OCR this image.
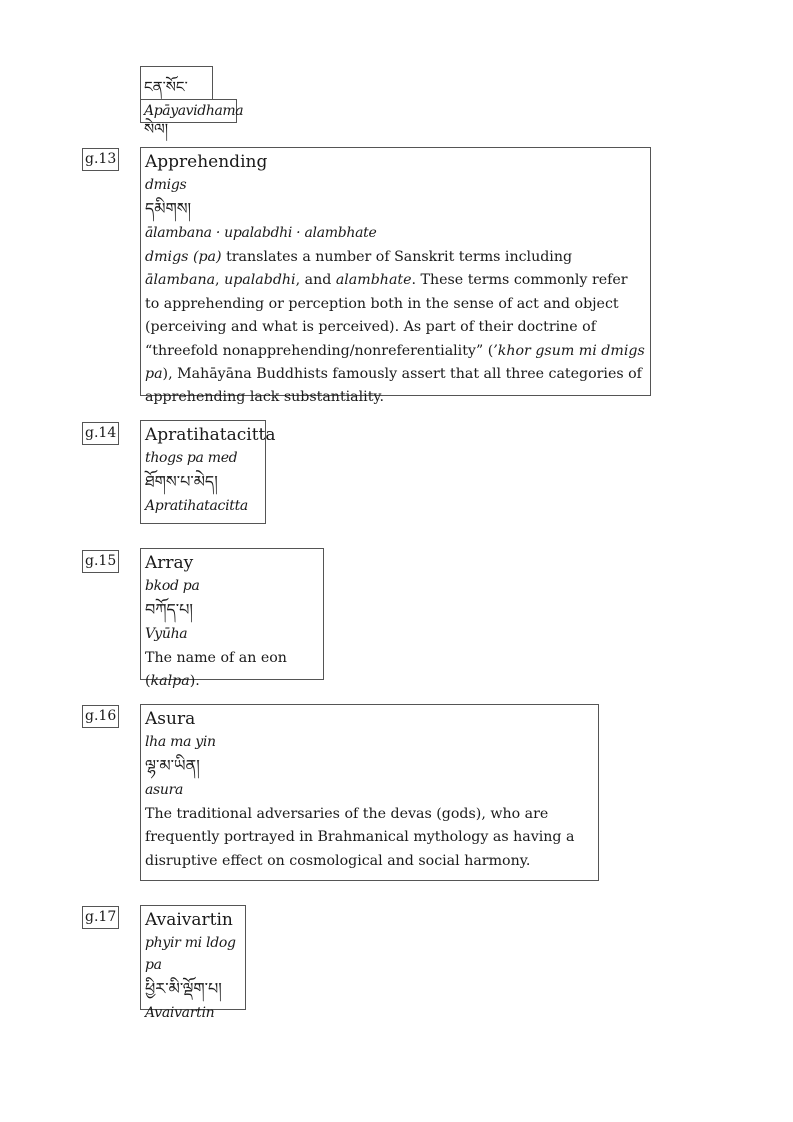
ངན་སོང་སེལ།
Apāyavidhama
g.13 Apprehending
dmigs
དམིགས།
ālambana · upalabdhi · alambhate
dmigs (pa) translates a number of Sanskrit terms including ālambana, upalabdhi, and alambhate. These terms commonly refer to apprehending or perception both in the sense of act and object (perceiving and what is perceived). As part of their doctrine of “threefold nonapprehending/nonreferentiality” (’khor gsum mi dmigs pa), Mahāyāna Buddhists famously assert that all three categories of apprehending lack substantiality.
g.14 Apratihatacitta
thogs pa med
ཐོགས་པ་མེད།
Apratihatacitta
g.15 Array
bkod pa
བཀོད་པ།
Vyūha
The name of an eon (kalpa).
g.16 Asura
lha ma yin
ལྷ་མ་ཡིན།
asura
The traditional adversaries of the devas (gods), who are frequently portrayed in Brahmanical mythology as having a disruptive effect on cosmological and social harmony.
g.17 Avaivartin
phyir mi ldog pa
ཕྱིར་མི་ལྡོག་པ།
Avaivartin
